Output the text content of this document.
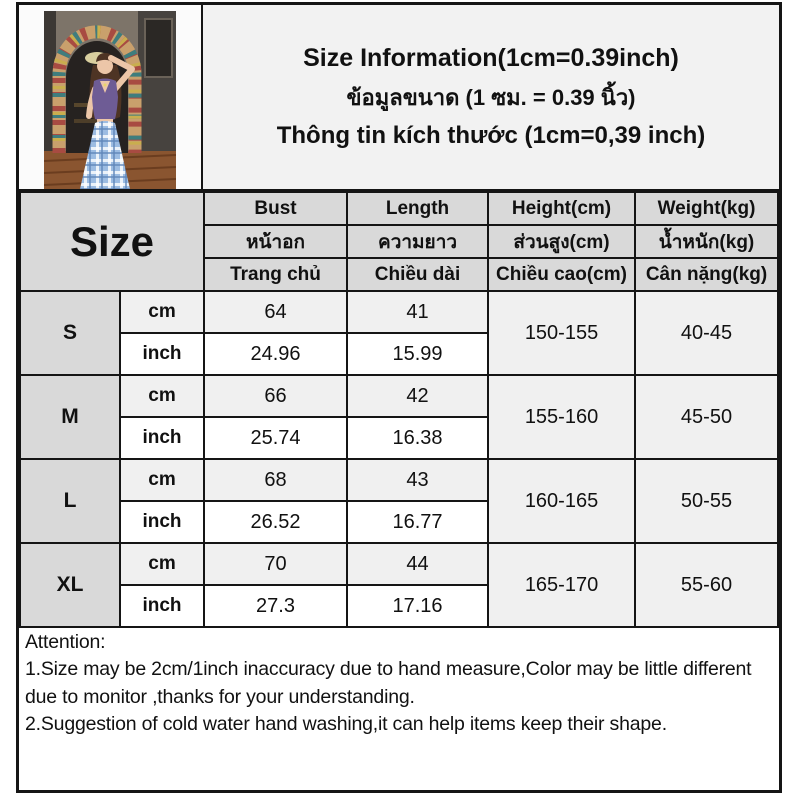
Size Information(1cm=0.39inch)
ข้อมูลขนาด (1 ซม. = 0.39 นิ้ว)
Thông tin kích thước (1cm=0,39 inch)
Size		Bust	Length	Height(cm)	Weight(kg)
		หน้าอก	ความยาว	ส่วนสูง(cm)	น้ำหนัก(kg)
		Trang chủ	Chiều dài	Chiều cao(cm)	Cân nặng(kg)
S	cm	64	41	150-155	40-45
	inch	24.96	15.99		
M	cm	66	42	155-160	45-50
	inch	25.74	16.38		
L	cm	68	43	160-165	50-55
	inch	26.52	16.77		
XL	cm	70	44	165-170	55-60
	inch	27.3	17.16		
Attention:
1.Size may be 2cm/1inch inaccuracy due to hand measure,Color may be little different due to monitor ,thanks for your understanding.
2.Suggestion of cold water hand washing,it can help items keep their shape.
